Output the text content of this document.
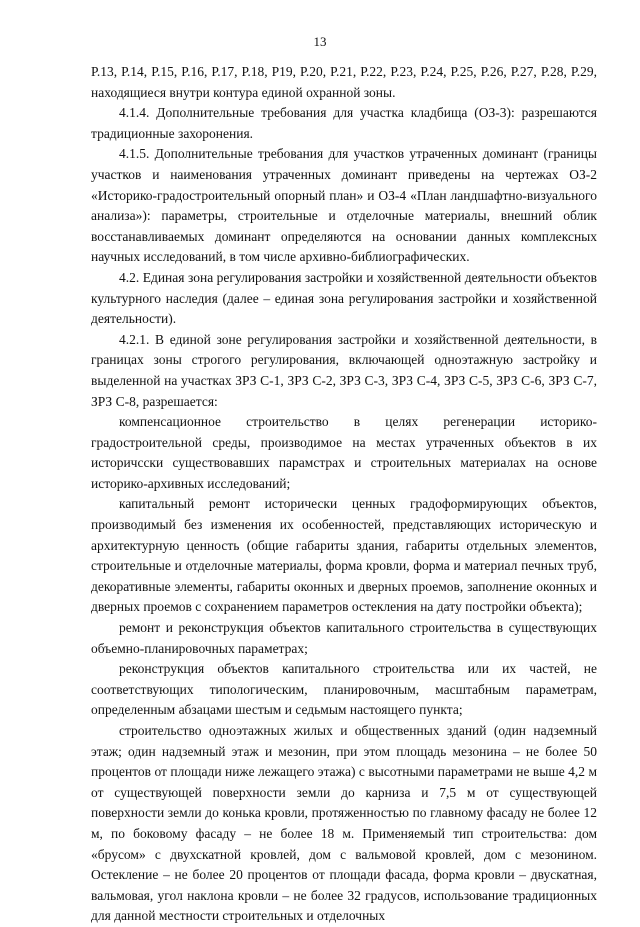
13

Р.13, Р.14, Р.15, Р.16, Р.17, Р.18, Р19, Р.20, Р.21, Р.22, Р.23, Р.24, Р.25, Р.26, Р.27, Р.28, Р.29, находящиеся внутри контура единой охранной зоны.

4.1.4. Дополнительные требования для участка кладбища (ОЗ-3): разрешаются традиционные захоронения.

4.1.5. Дополнительные требования для участков утраченных доминант (границы участков и наименования утраченных доминант приведены на чертежах ОЗ-2 «Историко-градостроительный опорный план» и ОЗ-4 «План ландшафтно-визуального анализа»): параметры, строительные и отделочные материалы, внешний облик восстанавливаемых доминант определяются на основании данных комплексных научных исследований, в том числе архивно-библиографических.

4.2. Единая зона регулирования застройки и хозяйственной деятельности объектов культурного наследия (далее – единая зона регулирования застройки и хозяйственной деятельности).

4.2.1. В единой зоне регулирования застройки и хозяйственной деятельности, в границах зоны строгого регулирования, включающей одноэтажную застройку и выделенной на участках ЗРЗ С-1, ЗРЗ С-2, ЗРЗ С-3, ЗРЗ С-4, ЗРЗ С-5, ЗРЗ С-6, ЗРЗ С-7, ЗРЗ С-8, разрешается:

компенсационное строительство в целях регенерации историко-градостроительной среды, производимое на местах утраченных объектов в их историчсски существовавших парамстрах и строительных материалах на основе историко-архивных исследований;

капитальный ремонт исторически ценных градоформирующих объектов, производимый без изменения их особенностей, представляющих историческую и архитектурную ценность (общие габариты здания, габариты отдельных элементов, строительные и отделочные материалы, форма кровли, форма и материал печных труб, декоративные элементы, габариты оконных и дверных проемов, заполнение оконных и дверных проемов с сохранением параметров остекления на дату постройки объекта);

ремонт и реконструкция объектов капитального строительства в существующих объемно-планировочных параметрах;

реконструкция объектов капитального строительства или их частей, не соответствующих типологическим, планировочным, масштабным параметрам, определенным абзацами шестым и седьмым настоящего пункта;

строительство одноэтажных жилых и общественных зданий (один надземный этаж; один надземный этаж и мезонин, при этом площадь мезонина – не более 50 процентов от площади ниже лежащего этажа) с высотными параметрами не выше 4,2 м от существующей поверхности земли до карниза и 7,5 м от существующей поверхности земли до конька кровли, протяженностью по главному фасаду не более 12 м, по боковому фасаду – не более 18 м. Применяемый тип строительства: дом «брусом» с двухскатной кровлей, дом с вальмовой кровлей, дом с мезонином. Остекление – не более 20 процентов от площади фасада, форма кровли – двускатная, вальмовая, угол наклона кровли – не более 32 градусов, использование традиционных для данной местности строительных и отделочных
